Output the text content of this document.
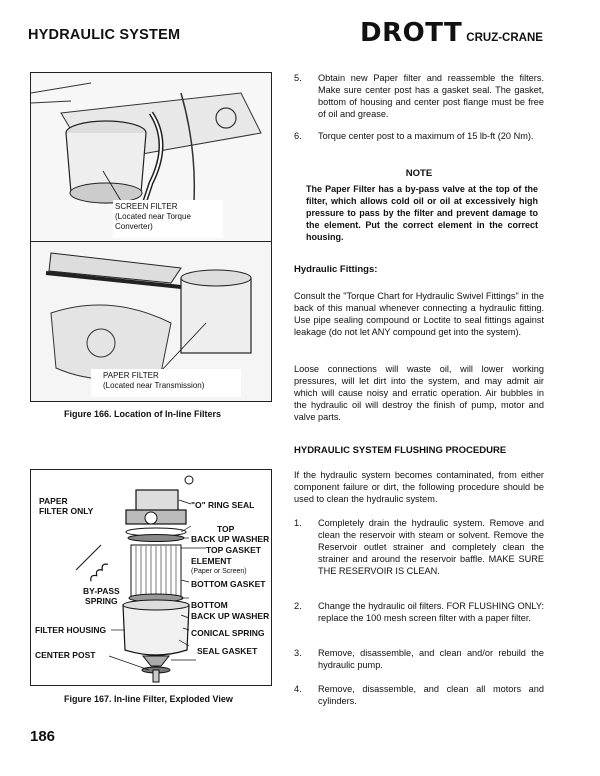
HYDRAULIC SYSTEM	DROTT CRUZ-CRANE
SCREEN FILTER
(Located near Torque
Converter)
PAPER FILTER
(Located near Transmission)
Figure 166. Location of In-line Filters
PAPER
FILTER ONLY
"O" RING SEAL
TOP
BACK UP WASHER
TOP GASKET
ELEMENT
(Paper or Screen)
BOTTOM GASKET
BY-PASS
SPRING	BOTTOM
BACK UP WASHER
FILTER HOUSING	CONICAL SPRING
CENTER POST	SEAL GASKET
Figure 167. In-line Filter, Exploded View
5. Obtain new Paper filter and reassemble the filters. Make sure center post has a gasket seal. The gasket, bottom of housing and center post flange must be free of oil and grease.
6. Torque center post to a maximum of 15 lb-ft (20 Nm).
NOTE
The Paper Filter has a by-pass valve at the top of the filter, which allows cold oil or oil at excessively high pressure to pass by the filter and prevent damage to the element. Put the correct element in the correct housing.
Hydraulic Fittings:
Consult the "Torque Chart for Hydraulic Swivel Fittings" in the back of this manual whenever connecting a hydraulic fitting. Use pipe sealing compound or Loctite to seal fittings against leakage (do not let ANY compound get into the system).
Loose connections will waste oil, will lower working pressures, will let dirt into the system, and may admit air which will cause noisy and erratic operation. Air bubbles in the hydraulic oil will destroy the finish of pump, motor and valve parts.
HYDRAULIC SYSTEM FLUSHING PROCEDURE
If the hydraulic system becomes contaminated, from either component failure or dirt, the following procedure should be used to clean the hydraulic system.
1. Completely drain the hydraulic system. Remove and clean the reservoir with steam or solvent. Remove the Reservoir outlet strainer and completely clean the strainer and around the reservoir baffle. MAKE SURE THE RESERVOIR IS CLEAN.
2. Change the hydraulic oil filters. FOR FLUSHING ONLY: replace the 100 mesh screen filter with a paper filter.
3. Remove, disassemble, and clean and/or rebuild the hydraulic pump.
4. Remove, disassemble, and clean all motors and cylinders.
186
